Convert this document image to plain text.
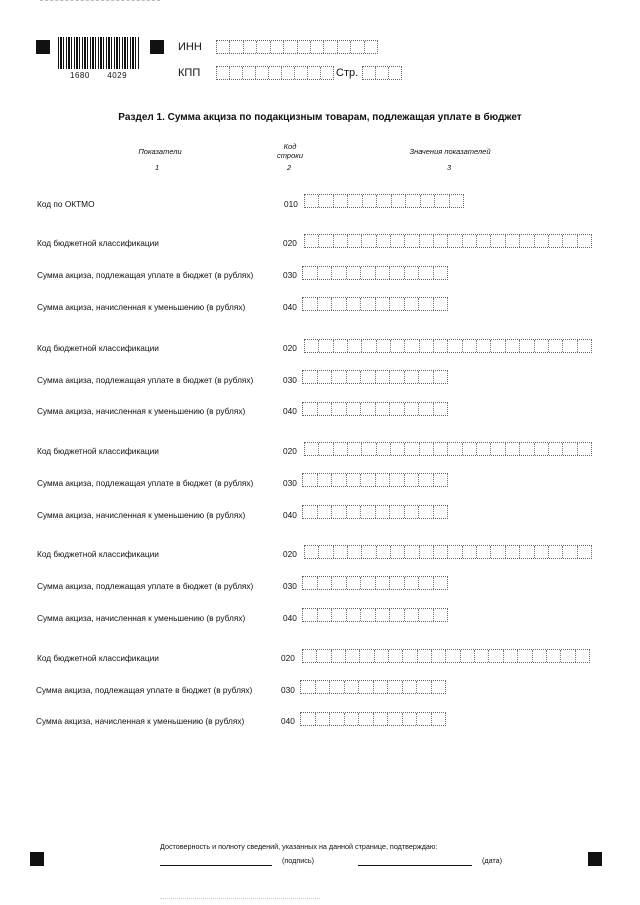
1680 4029
ИНН
КПП	Стр.
Раздел 1. Сумма акциза по подакцизным товарам, подлежащая уплате в бюджет
Показатели
Код
строки	Значения показателей
1	2	3
Код по ОКТМО	010
Код бюджетной классификации	020
Сумма акциза, подлежащая уплате в бюджет (в рублях)	030
Сумма акциза, начисленная к уменьшению (в рублях)	040
Код бюджетной классификации	020
Сумма акциза, подлежащая уплате в бюджет (в рублях)	030
Сумма акциза, начисленная к уменьшению (в рублях)	040
Код бюджетной классификации	020
Сумма акциза, подлежащая уплате в бюджет (в рублях)	030
Сумма акциза, начисленная к уменьшению (в рублях)	040
Код бюджетной классификации	020
Сумма акциза, подлежащая уплате в бюджет (в рублях)	030
Сумма акциза, начисленная к уменьшению (в рублях)	040
Код бюджетной классификации	020
Сумма акциза, подлежащая уплате в бюджет (в рублях)	030
Сумма акциза, начисленная к уменьшению (в рублях)	040
Достоверность и полноту сведений, указанных на данной странице, подтверждаю:
(подпись)	(дата)
